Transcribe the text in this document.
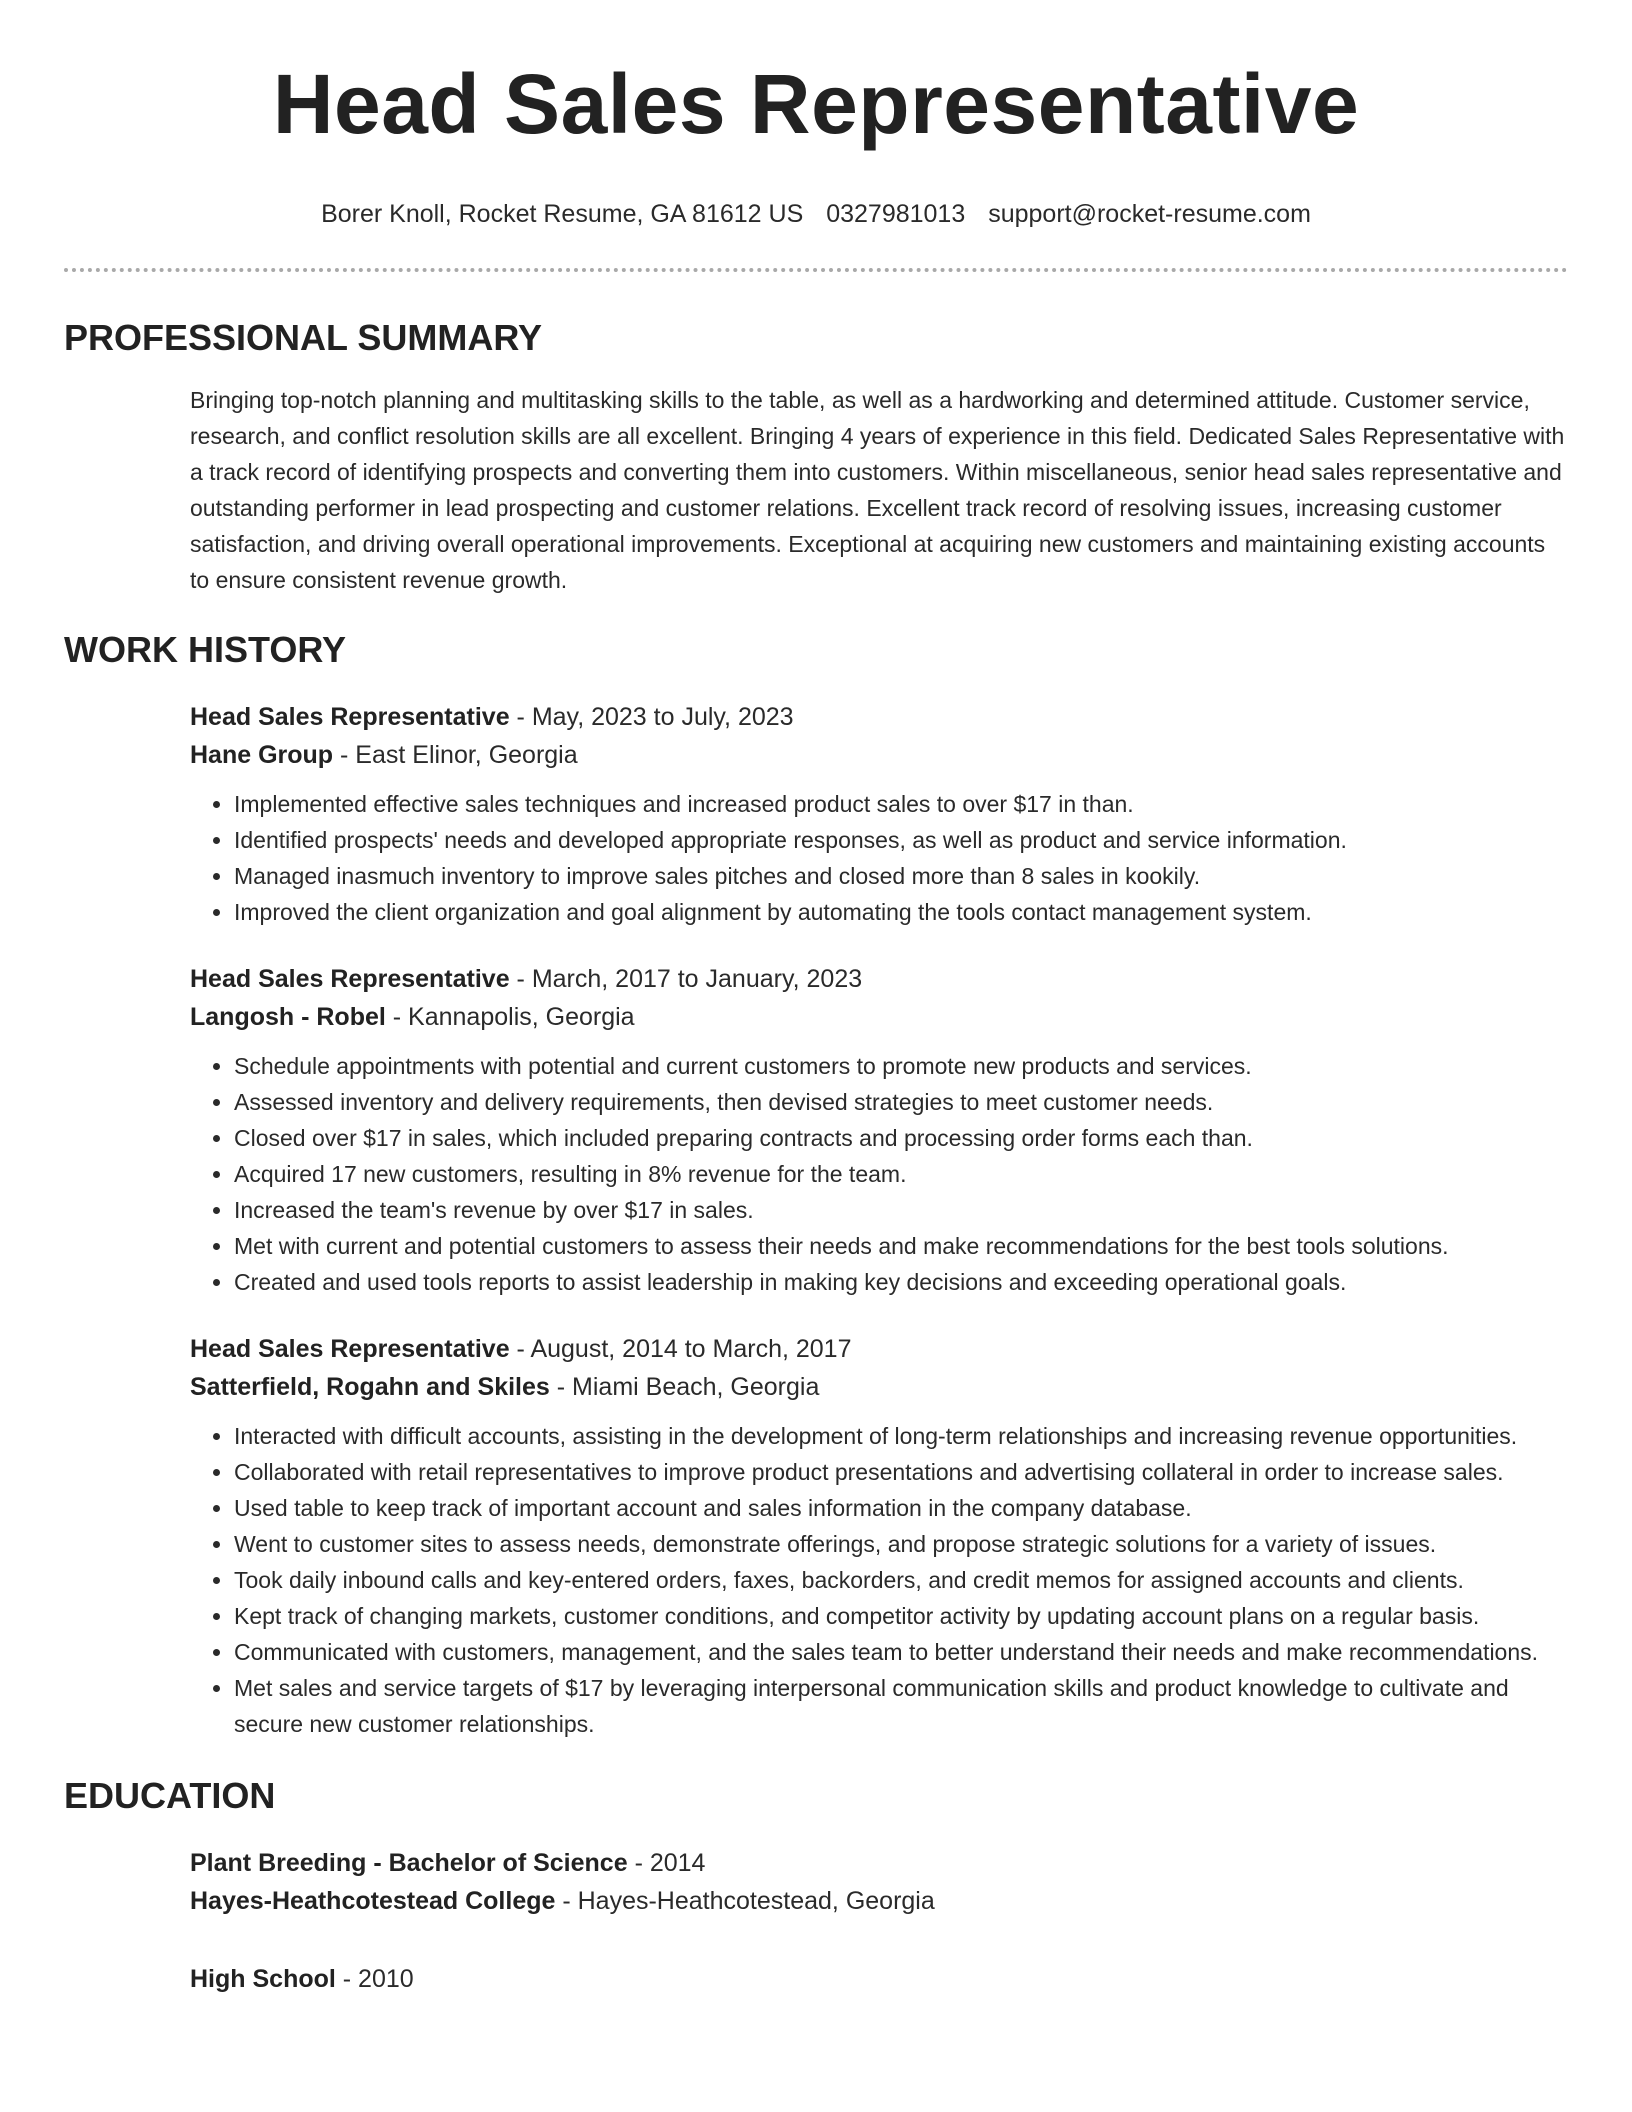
Head Sales Representative
Borer Knoll, Rocket Resume, GA 81612 US 0327981013 support@rocket-resume.com
PROFESSIONAL SUMMARY

Bringing top-notch planning and multitasking skills to the table, as well as a hardworking and determined attitude. Customer service, research, and conflict resolution skills are all excellent. Bringing 4 years of experience in this field. Dedicated Sales Representative with a track record of identifying prospects and converting them into customers. Within miscellaneous, senior head sales representative and outstanding performer in lead prospecting and customer relations. Excellent track record of resolving issues, increasing customer satisfaction, and driving overall operational improvements. Exceptional at acquiring new customers and maintaining existing accounts to ensure consistent revenue growth.

WORK HISTORY
Head Sales Representative - May, 2023 to July, 2023
Hane Group - East Elinor, Georgia
• Implemented effective sales techniques and increased product sales to over $17 in than.
• Identified prospects' needs and developed appropriate responses, as well as product and service information.
• Managed inasmuch inventory to improve sales pitches and closed more than 8 sales in kookily.
• Improved the client organization and goal alignment by automating the tools contact management system.
Head Sales Representative - March, 2017 to January, 2023
Langosh - Robel - Kannapolis, Georgia
• Schedule appointments with potential and current customers to promote new products and services.
• Assessed inventory and delivery requirements, then devised strategies to meet customer needs.
• Closed over $17 in sales, which included preparing contracts and processing order forms each than.
• Acquired 17 new customers, resulting in 8% revenue for the team.
• Increased the team's revenue by over $17 in sales.
• Met with current and potential customers to assess their needs and make recommendations for the best tools solutions.
• Created and used tools reports to assist leadership in making key decisions and exceeding operational goals.
Head Sales Representative - August, 2014 to March, 2017
Satterfield, Rogahn and Skiles - Miami Beach, Georgia
• Interacted with difficult accounts, assisting in the development of long-term relationships and increasing revenue opportunities.
• Collaborated with retail representatives to improve product presentations and advertising collateral in order to increase sales.
• Used table to keep track of important account and sales information in the company database.
• Went to customer sites to assess needs, demonstrate offerings, and propose strategic solutions for a variety of issues.
• Took daily inbound calls and key-entered orders, faxes, backorders, and credit memos for assigned accounts and clients.
• Kept track of changing markets, customer conditions, and competitor activity by updating account plans on a regular basis.
• Communicated with customers, management, and the sales team to better understand their needs and make recommendations.
• Met sales and service targets of $17 by leveraging interpersonal communication skills and product knowledge to cultivate and secure new customer relationships.
EDUCATION
Plant Breeding - Bachelor of Science - 2014
Hayes-Heathcotestead College - Hayes-Heathcotestead, Georgia
High School - 2010
